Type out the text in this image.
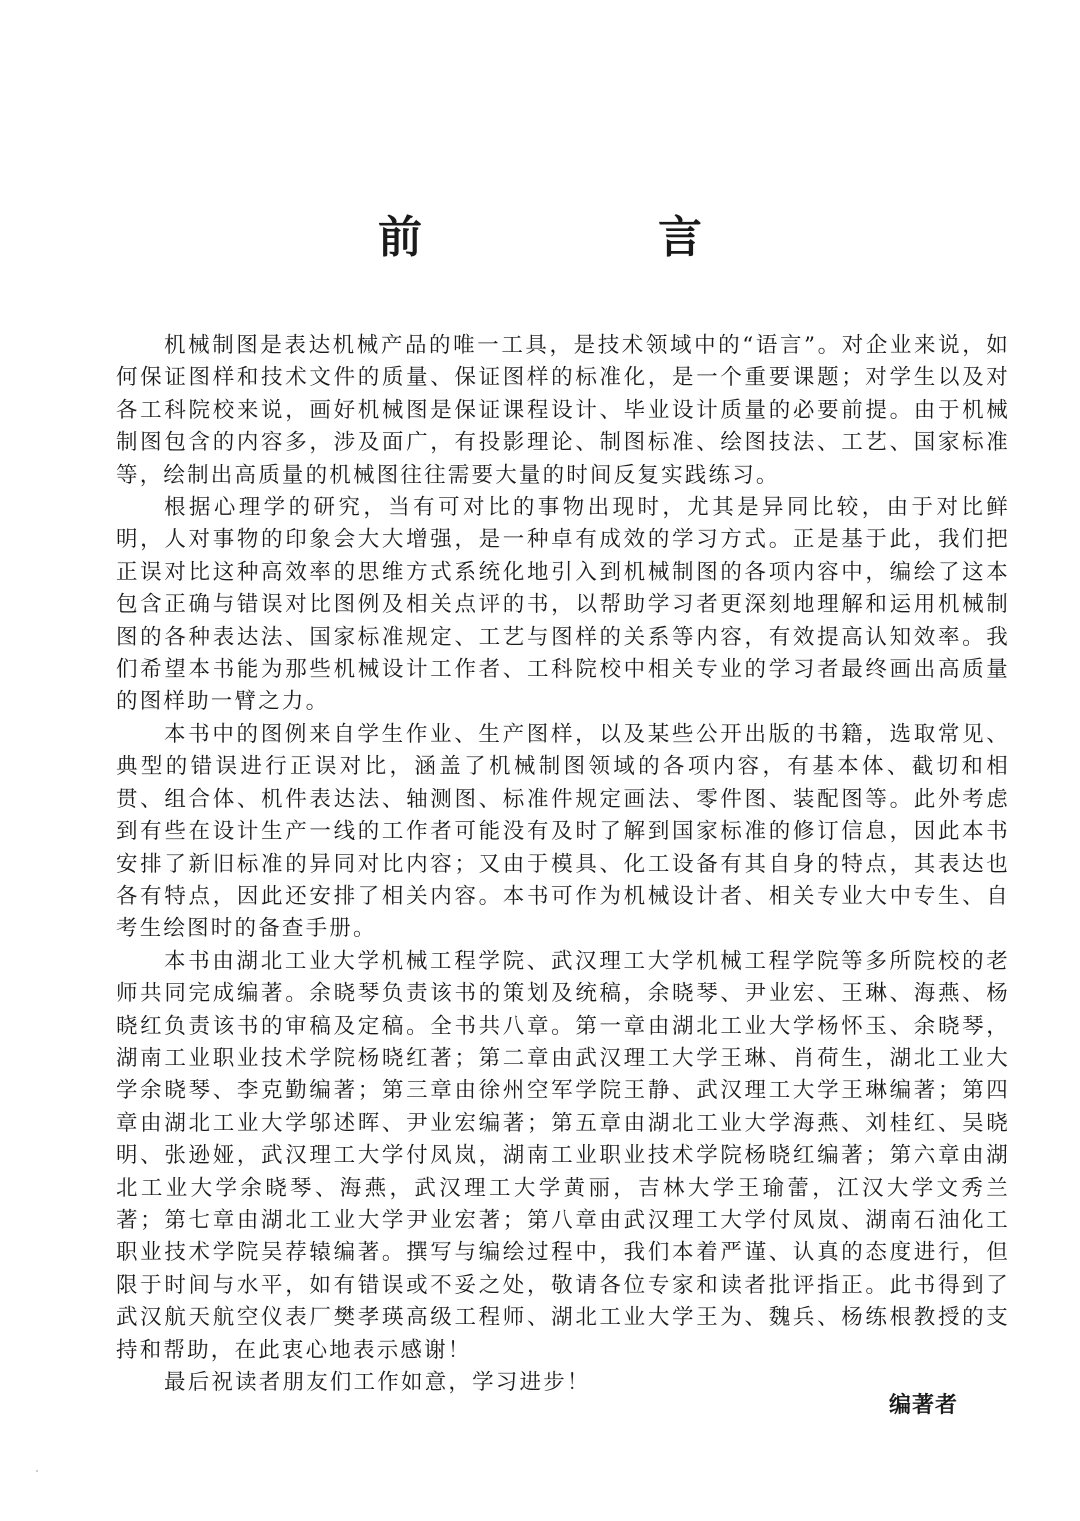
前　言

机械制图是表达机械产品的唯一工具，是技术领域中的“语言”。对企业来说，如何保证图样和技术文件的质量、保证图样的标准化，是一个重要课题；对学生以及对各工科院校来说，画好机械图是保证课程设计、毕业设计质量的必要前提。由于机械制图包含的内容多，涉及面广，有投影理论、制图标准、绘图技法、工艺、国家标准等，绘制出高质量的机械图往往需要大量的时间反复实践练习。

根据心理学的研究，当有可对比的事物出现时，尤其是异同比较，由于对比鲜明，人对事物的印象会大大增强，是一种卓有成效的学习方式。正是基于此，我们把正误对比这种高效率的思维方式系统化地引入到机械制图的各项内容中，编绘了这本包含正确与错误对比图例及相关点评的书，以帮助学习者更深刻地理解和运用机械制图的各种表达法、国家标准规定、工艺与图样的关系等内容，有效提高认知效率。我们希望本书能为那些机械设计工作者、工科院校中相关专业的学习者最终画出高质量的图样助一臂之力。

本书中的图例来自学生作业、生产图样，以及某些公开出版的书籍，选取常见、典型的错误进行正误对比，涵盖了机械制图领域的各项内容，有基本体、截切和相贯、组合体、机件表达法、轴测图、标准件规定画法、零件图、装配图等。此外考虑到有些在设计生产一线的工作者可能没有及时了解到国家标准的修订信息，因此本书安排了新旧标准的异同对比内容；又由于模具、化工设备有其自身的特点，其表达也各有特点，因此还安排了相关内容。本书可作为机械设计者、相关专业大中专生、自考生绘图时的备查手册。

本书由湖北工业大学机械工程学院、武汉理工大学机械工程学院等多所院校的老师共同完成编著。余晓琴负责该书的策划及统稿，余晓琴、尹业宏、王琳、海燕、杨晓红负责该书的审稿及定稿。全书共八章。第一章由湖北工业大学杨怀玉、余晓琴，湖南工业职业技术学院杨晓红著；第二章由武汉理工大学王琳、肖荷生，湖北工业大学余晓琴、李克勤编著；第三章由徐州空军学院王静、武汉理工大学王琳编著；第四章由湖北工业大学邬述晖、尹业宏编著；第五章由湖北工业大学海燕、刘桂红、吴晓明、张逊娅，武汉理工大学付凤岚，湖南工业职业技术学院杨晓红编著；第六章由湖北工业大学余晓琴、海燕，武汉理工大学黄丽，吉林大学王瑜蕾，江汉大学文秀兰著；第七章由湖北工业大学尹业宏著；第八章由武汉理工大学付凤岚、湖南石油化工职业技术学院吴荐辕编著。撰写与编绘过程中，我们本着严谨、认真的态度进行，但限于时间与水平，如有错误或不妥之处，敬请各位专家和读者批评指正。此书得到了武汉航天航空仪表厂樊孝瑛高级工程师、湖北工业大学王为、魏兵、杨练根教授的支持和帮助，在此衷心地表示感谢！

最后祝读者朋友们工作如意，学习进步！

编著者
